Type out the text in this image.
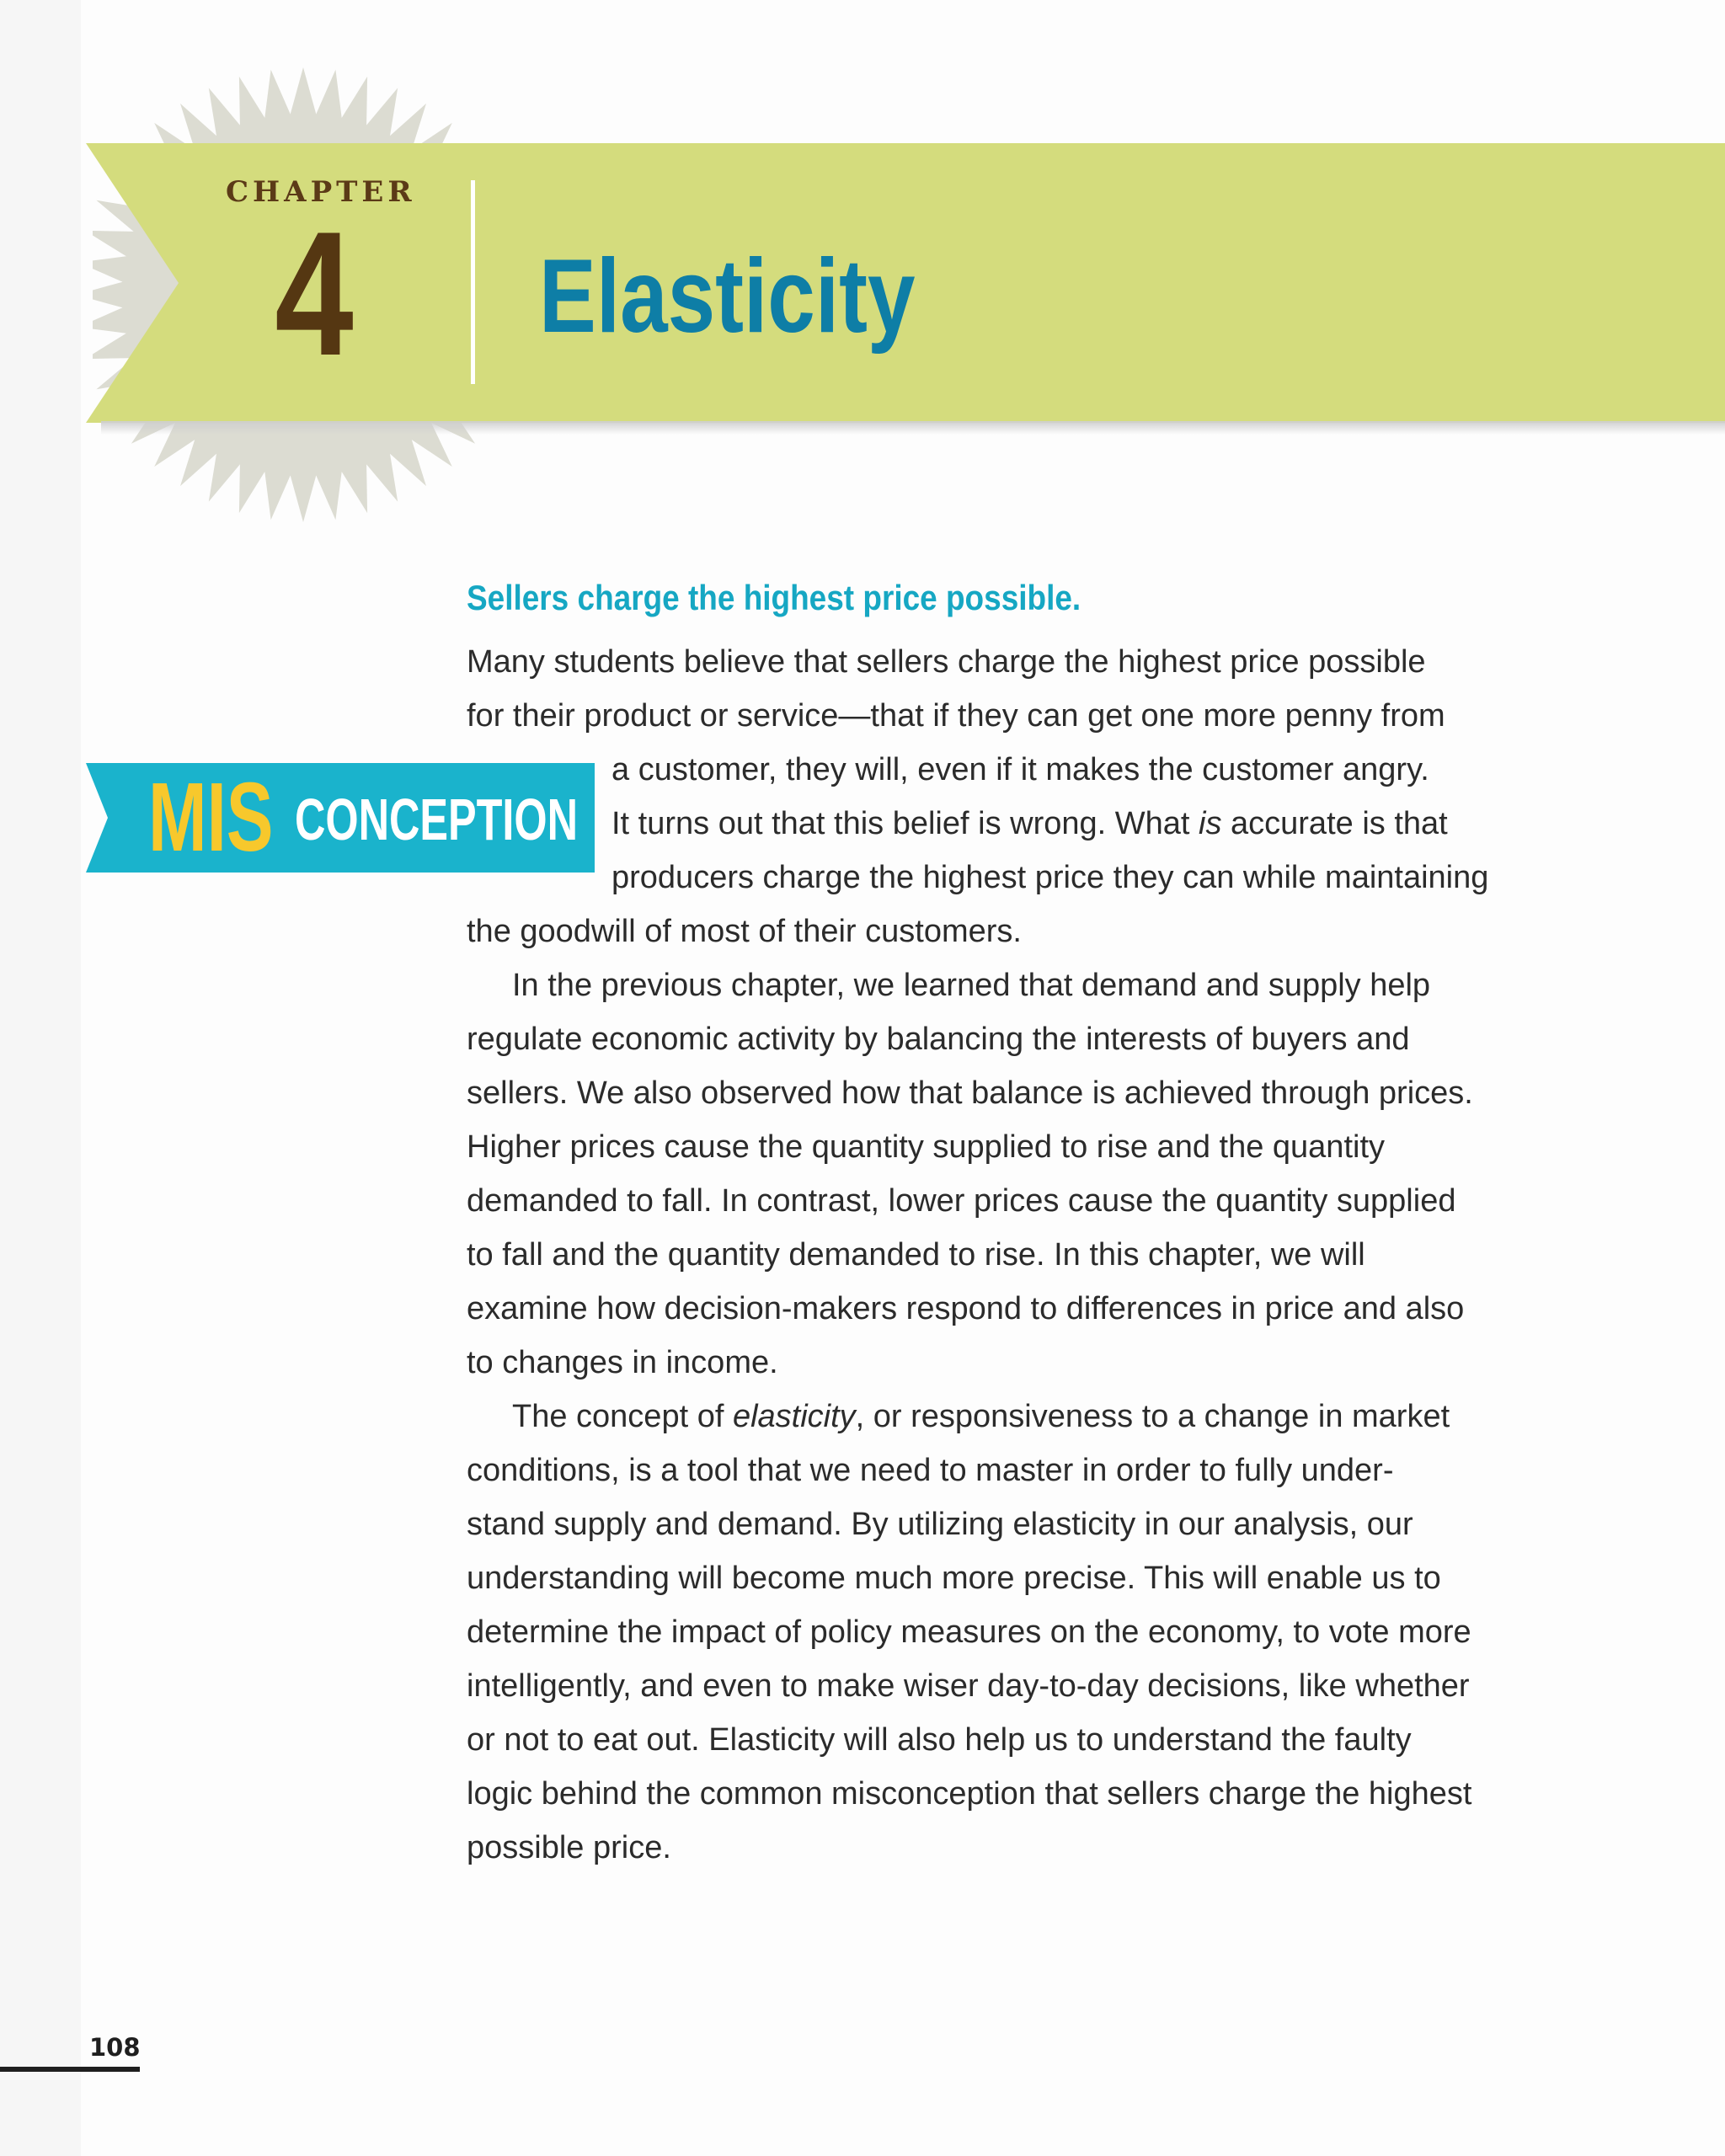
CHAPTER
4	Elasticity
Sellers charge the highest price possible.
MIS CONCEPTION

Many students believe that sellers charge the highest price possible
for their product or service—that if they can get one more penny from
a customer, they will, even if it makes the customer angry.
It turns out that this belief is wrong. What is accurate is that
producers charge the highest price they can while maintaining
the goodwill of most of their customers.

In the previous chapter, we learned that demand and supply help
regulate economic activity by balancing the interests of buyers and
sellers. We also observed how that balance is achieved through prices.
Higher prices cause the quantity supplied to rise and the quantity
demanded to fall. In contrast, lower prices cause the quantity supplied
to fall and the quantity demanded to rise. In this chapter, we will
examine how decision-makers respond to differences in price and also
to changes in income.

The concept of elasticity, or responsiveness to a change in market
conditions, is a tool that we need to master in order to fully under-
stand supply and demand. By utilizing elasticity in our analysis, our
understanding will become much more precise. This will enable us to
determine the impact of policy measures on the economy, to vote more
intelligently, and even to make wiser day-to-day decisions, like whether
or not to eat out. Elasticity will also help us to understand the faulty
logic behind the common misconception that sellers charge the highest
possible price.

108
